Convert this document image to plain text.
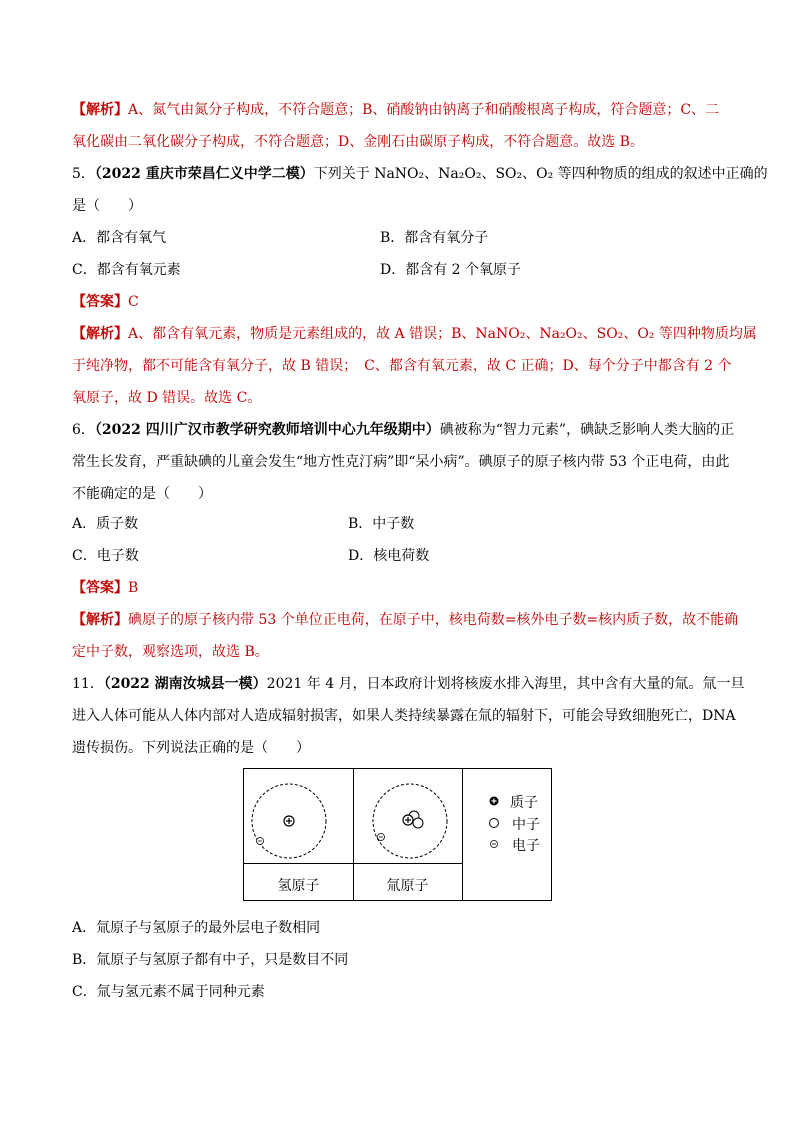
【解析】A、氮气由氮分子构成，不符合题意；B、硝酸钠由钠离子和硝酸根离子构成，符合题意；C、二
氧化碳由二氧化碳分子构成，不符合题意；D、金刚石由碳原子构成，不符合题意。故选 B。
5．（2022 重庆市荣昌仁义中学二模）下列关于 NaNO₂、Na₂O₂、SO₂、O₂ 等四种物质的组成的叙述中正确的
是（　　）
A．都含有氧气	B．都含有氧分子
C．都含有氧元素	D．都含有 2 个氧原子
【答案】C
【解析】A、都含有氧元素，物质是元素组成的，故 A 错误；B、NaNO₂、Na₂O₂、SO₂、O₂ 等四种物质均属
于纯净物，都不可能含有氧分子，故 B 错误；　C、都含有氧元素，故 C 正确；D、每个分子中都含有 2 个
氧原子，故 D 错误。故选 C。
6．（2022 四川广汉市教学研究教师培训中心九年级期中）碘被称为“智力元素”，碘缺乏影响人类大脑的正
常生长发育，严重缺碘的儿童会发生“地方性克汀病”即“呆小病”。碘原子的原子核内带 53 个正电荷，由此
不能确定的是（　　）
A．质子数	B．中子数
C．电子数	D．核电荷数
【答案】B
【解析】碘原子的原子核内带 53 个单位正电荷，在原子中，核电荷数=核外电子数=核内质子数，故不能确
定中子数，观察选项，故选 B。
11．（2022 湖南汝城县一模）2021 年 4 月，日本政府计划将核废水排入海里，其中含有大量的氚。氚一旦
进入人体可能从人体内部对人造成辐射损害，如果人类持续暴露在氚的辐射下，可能会导致细胞死亡，DNA
遗传损伤。下列说法正确的是（　　）
质子
中子
电子
氢原子	氚原子
A．氚原子与氢原子的最外层电子数相同
B．氚原子与氢原子都有中子，只是数目不同
C．氚与氢元素不属于同种元素
